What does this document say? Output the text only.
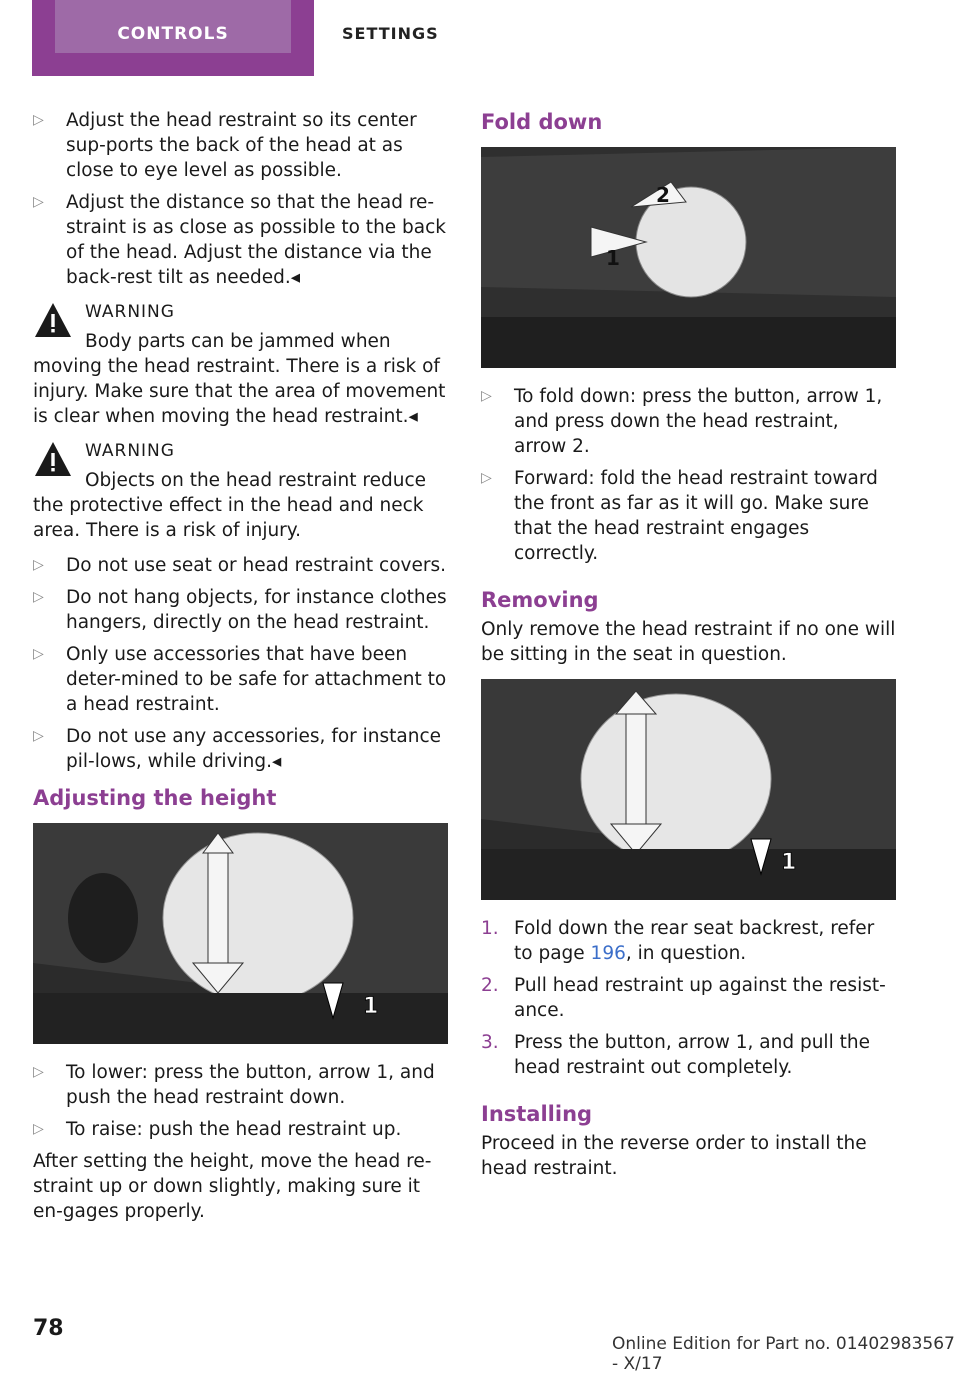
CONTROLS	SETTINGS
▷ Adjust the head restraint so its center sup-ports the back of the head at as close to eye level as possible.
▷ Adjust the distance so that the head re-straint is as close as possible to the back of the head. Adjust the distance via the back-rest tilt as needed.◂
WARNING
Body parts can be jammed when moving the head restraint. There is a risk of injury. Make sure that the area of movement is clear when moving the head restraint.◂
WARNING
Objects on the head restraint reduce the protective effect in the head and neck area. There is a risk of injury.
▷ Do not use seat or head restraint covers.
▷ Do not hang objects, for instance clothes hangers, directly on the head restraint.
▷ Only use accessories that have been deter-mined to be safe for attachment to a head restraint.
▷ Do not use any accessories, for instance pil-lows, while driving.◂
Adjusting the height
1
▷ To lower: press the button, arrow 1, and push the head restraint down.
▷ To raise: push the head restraint up.

After setting the height, move the head re-straint up or down slightly, making sure it en-gages properly.

Fold down
2
1
▷ To fold down: press the button, arrow 1, and press down the head restraint, arrow 2.
▷ Forward: fold the head restraint toward the front as far as it will go. Make sure that the head restraint engages correctly.
Removing

Only remove the head restraint if no one will be sitting in the seat in question.

1
1. Fold down the rear seat backrest, refer to page 196, in question.
2. Pull head restraint up against the resist-ance.
3. Press the button, arrow 1, and pull the head restraint out completely.
Installing

Proceed in the reverse order to install the head restraint.

78
Online Edition for Part no. 01402983567 - X/17
